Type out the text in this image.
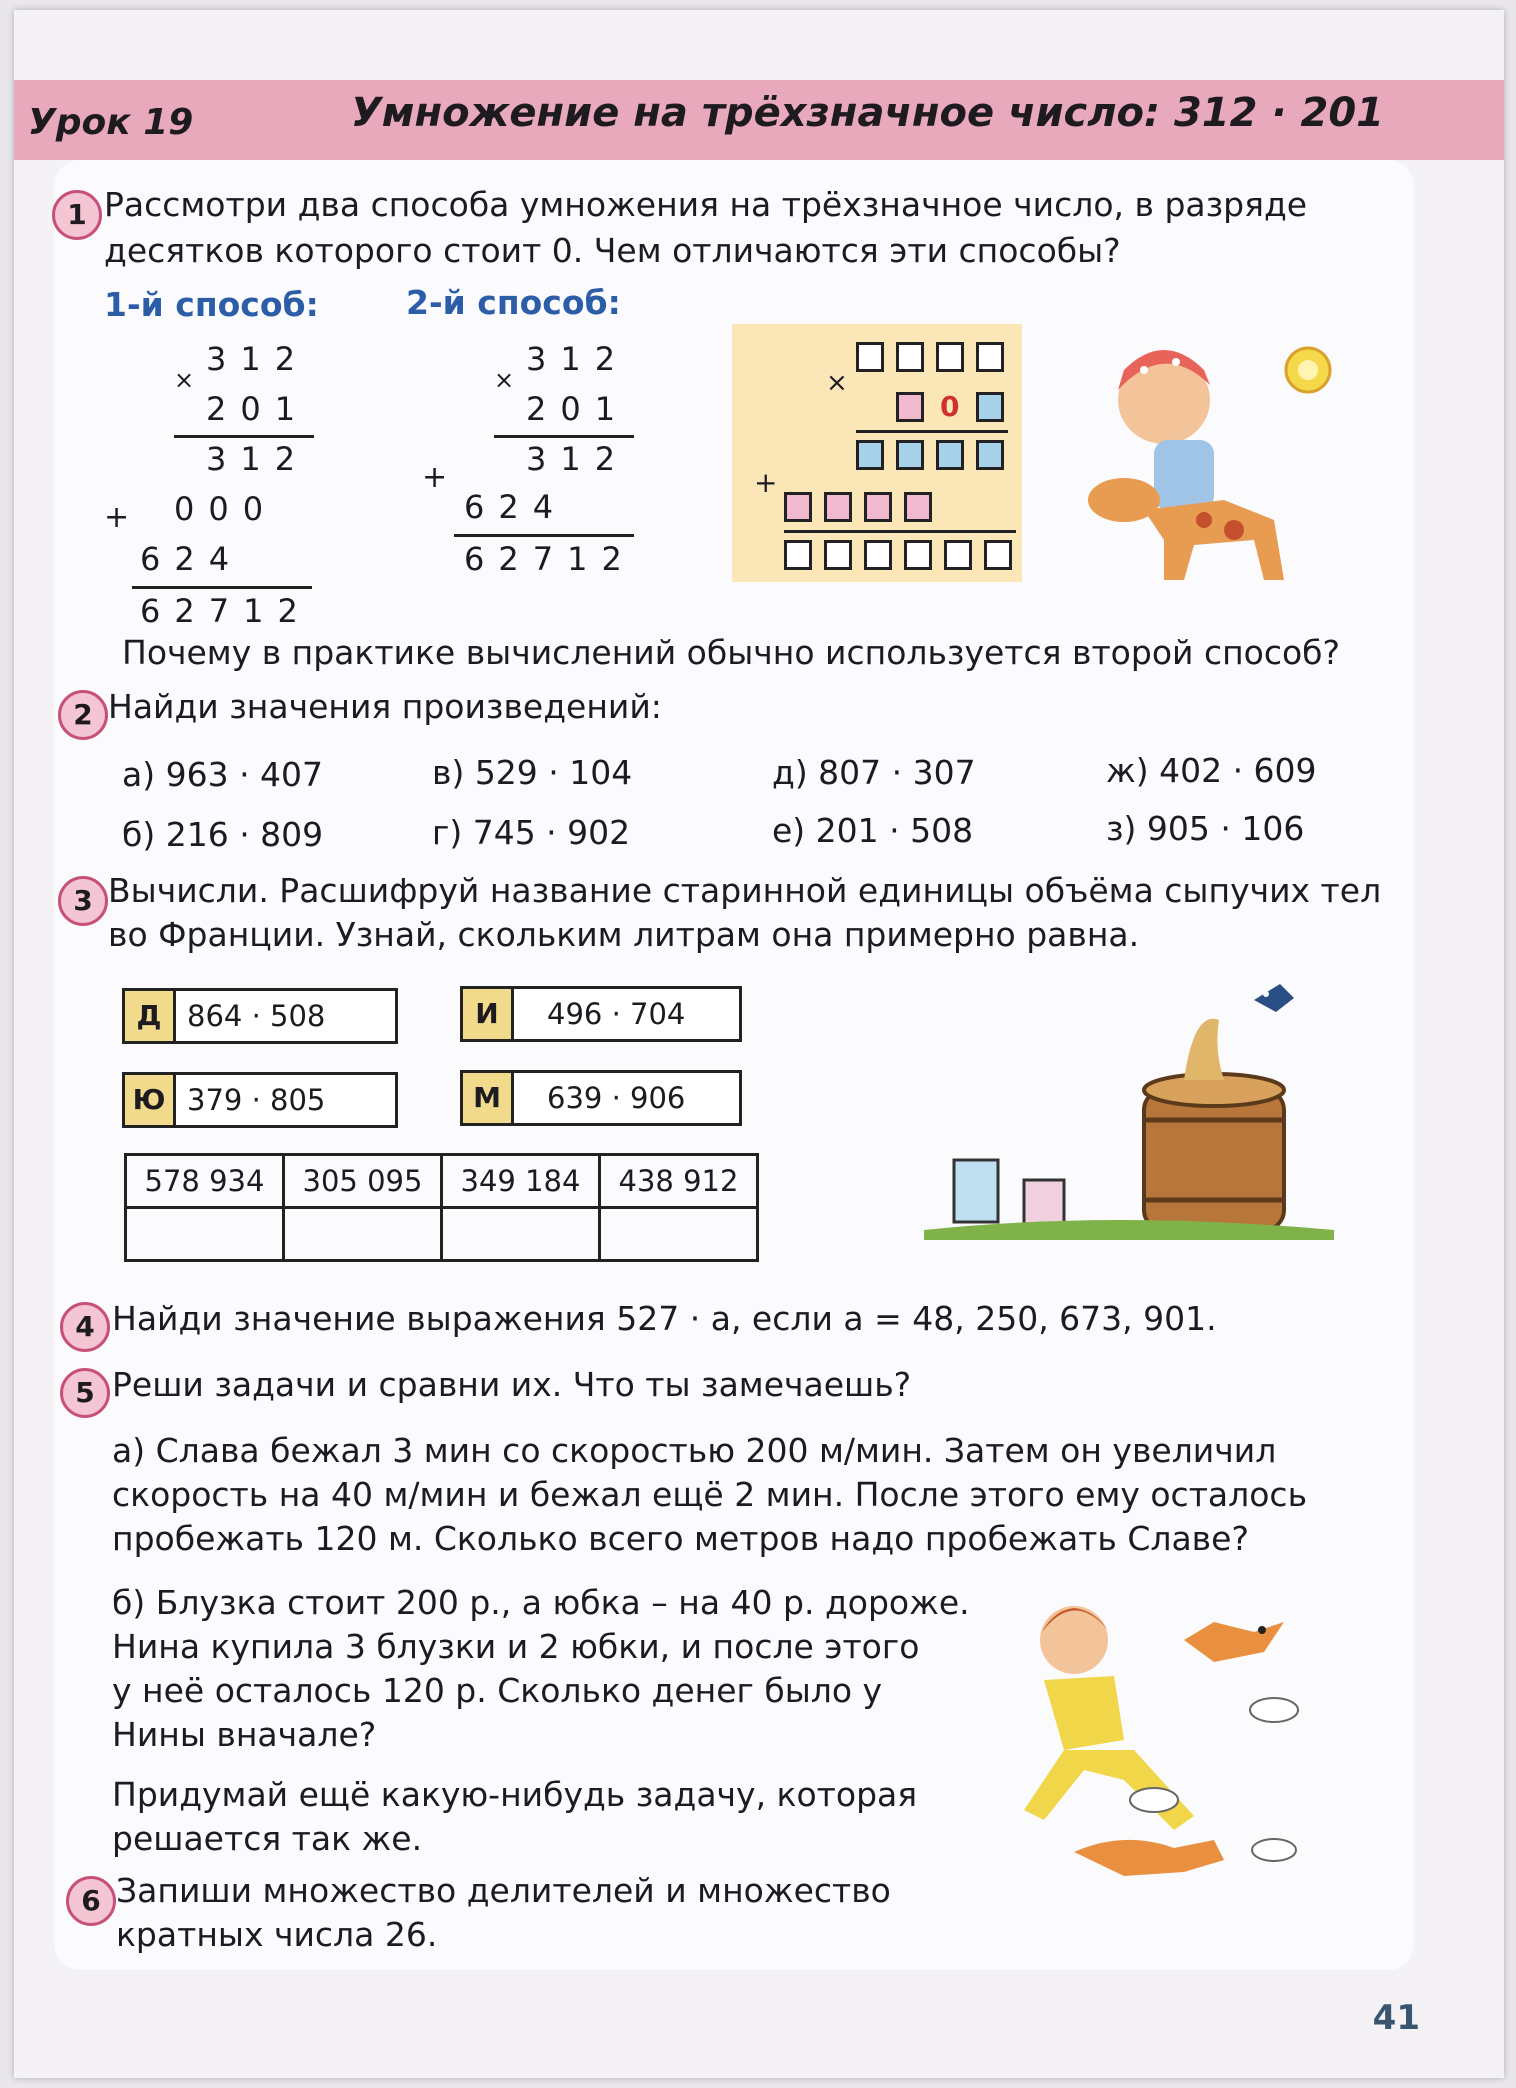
Урок 19	Умножение на трёхзначное число: 312 · 201
1 Рассмотри два способа умножения на трёхзначное число, в разряде
десятков которого стоит 0. Чем отличаются эти способы?
1-й способ:	2-й способ:
×
312
201
312
+ 000
624
62712
×
312
201
312
+
624
62712
×
0
+
Почему в практике вычислений обычно используется второй способ?
2 Найди значения произведений:
а) 963 · 407
б) 216 · 809
в) 529 · 104
г) 745 · 902
д) 807 · 307
е) 201 · 508
ж) 402 · 609
з) 905 · 106
3 Вычисли. Расшифруй название старинной единицы объёма сыпучих тел
во Франции. Узнай, скольким литрам она примерно равна.
Д 864 · 508	И	496 · 704
Ю 379 · 805	М	639 · 906
578 934	305 095	349 184	438 912

4 Найди значение выражения 527 · a, если a = 48, 250, 673, 901.
5 Реши задачи и сравни их. Что ты замечаешь?
а) Слава бежал 3 мин со скоростью 200 м/мин. Затем он увеличил
скорость на 40 м/мин и бежал ещё 2 мин. После этого ему осталось
пробежать 120 м. Сколько всего метров надо пробежать Славе?
б) Блузка стоит 200 р., а юбка – на 40 р. дороже.
Нина купила 3 блузки и 2 юбки, и после этого
у неё осталось 120 р. Сколько денег было у
Нины вначале?
Придумай ещё какую-нибудь задачу, которая
решается так же.
6 Запиши множество делителей и множество
кратных числа 26.
41
